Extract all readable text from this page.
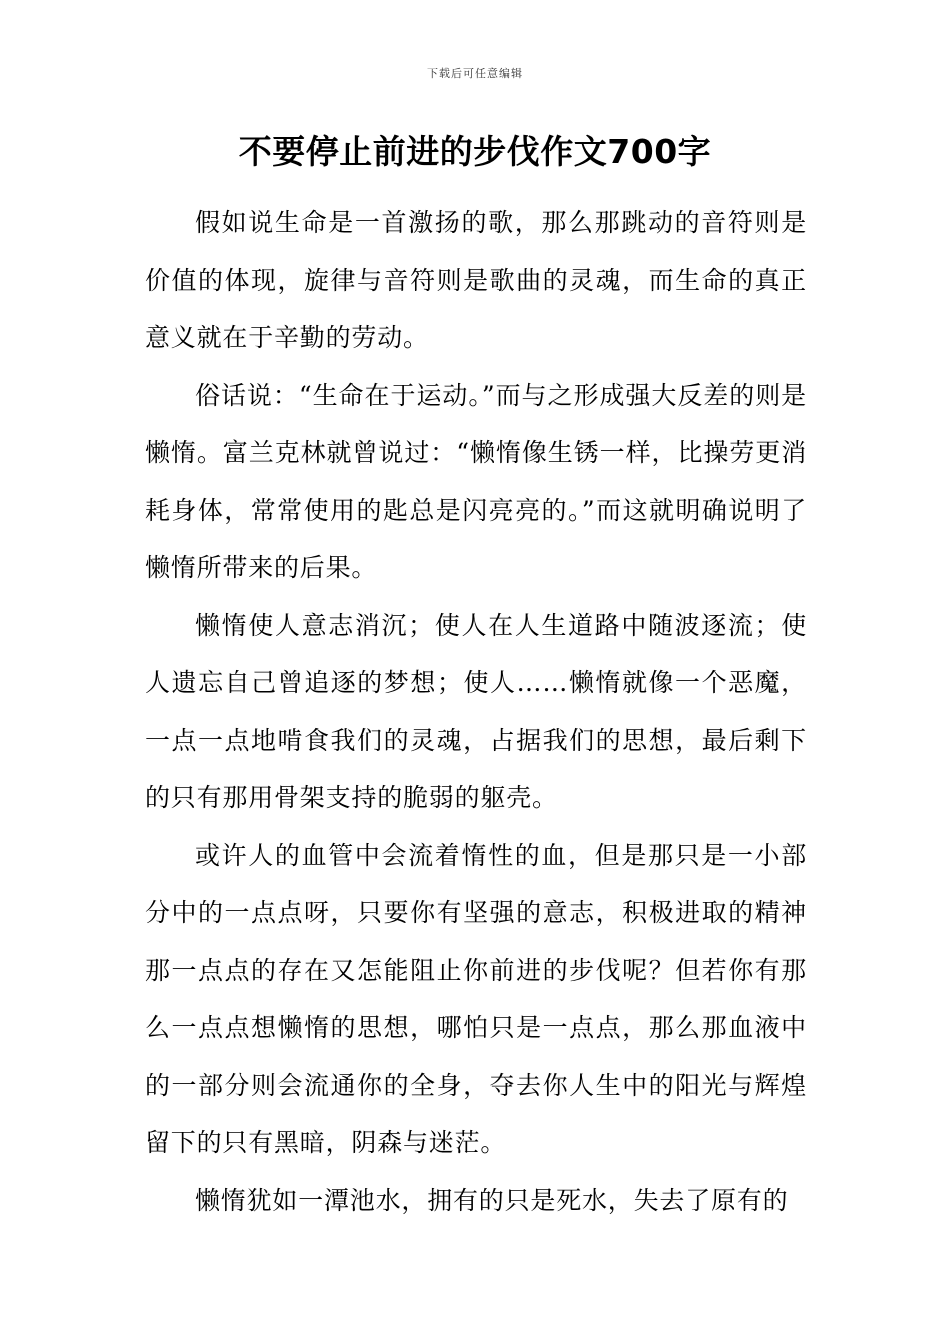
下载后可任意编辑
不要停止前进的步伐作文700字

假如说生命是一首激扬的歌，那么那跳动的音符则是价值的体现，旋律与音符则是歌曲的灵魂，而生命的真正意义就在于辛勤的劳动。

俗话说：“生命在于运动。”而与之形成强大反差的则是懒惰。富兰克林就曾说过：“懒惰像生锈一样，比操劳更消耗身体，常常使用的匙总是闪亮亮的。”而这就明确说明了懒惰所带来的后果。

懒惰使人意志消沉；使人在人生道路中随波逐流；使人遗忘自己曾追逐的梦想；使人……懒惰就像一个恶魔，一点一点地啃食我们的灵魂，占据我们的思想，最后剩下的只有那用骨架支持的脆弱的躯壳。

或许人的血管中会流着惰性的血，但是那只是一小部分中的一点点呀，只要你有坚强的意志，积极进取的精神那一点点的存在又怎能阻止你前进的步伐呢？但若你有那么一点点想懒惰的思想，哪怕只是一点点，那么那血液中的一部分则会流通你的全身，夺去你人生中的阳光与辉煌留下的只有黑暗，阴森与迷茫。

懒惰犹如一潭池水，拥有的只是死水，失去了原有的
